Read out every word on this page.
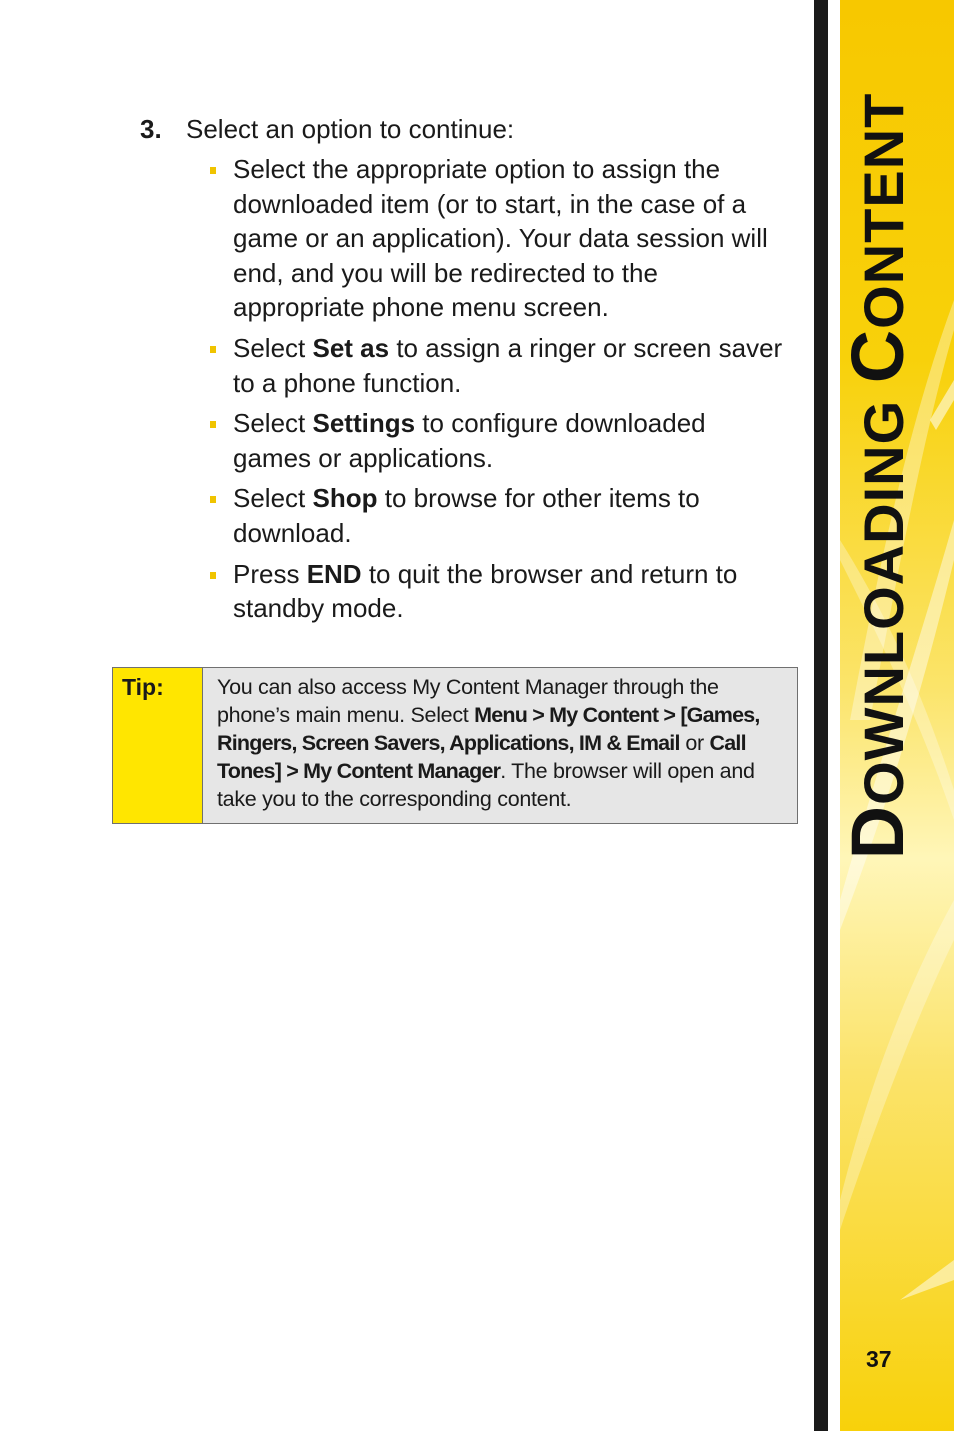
3. Select an option to continue:
Select the appropriate option to assign the downloaded item (or to start, in the case of a game or an application). Your data session will end, and you will be redirected to the appropriate phone menu screen.
Select Set as to assign a ringer or screen saver to a phone function.
Select Settings to configure downloaded games or applications.
Select Shop to browse for other items to download.
Press END to quit the browser and return to standby mode.
Tip:	You can also access My Content Manager through the phone’s main menu. Select Menu > My Content > [Games, Ringers, Screen Savers, Applications, IM & Email or Call Tones] > My Content Manager. The browser will open and take you to the corresponding content.
DOWNLOADING CONTENT
37
